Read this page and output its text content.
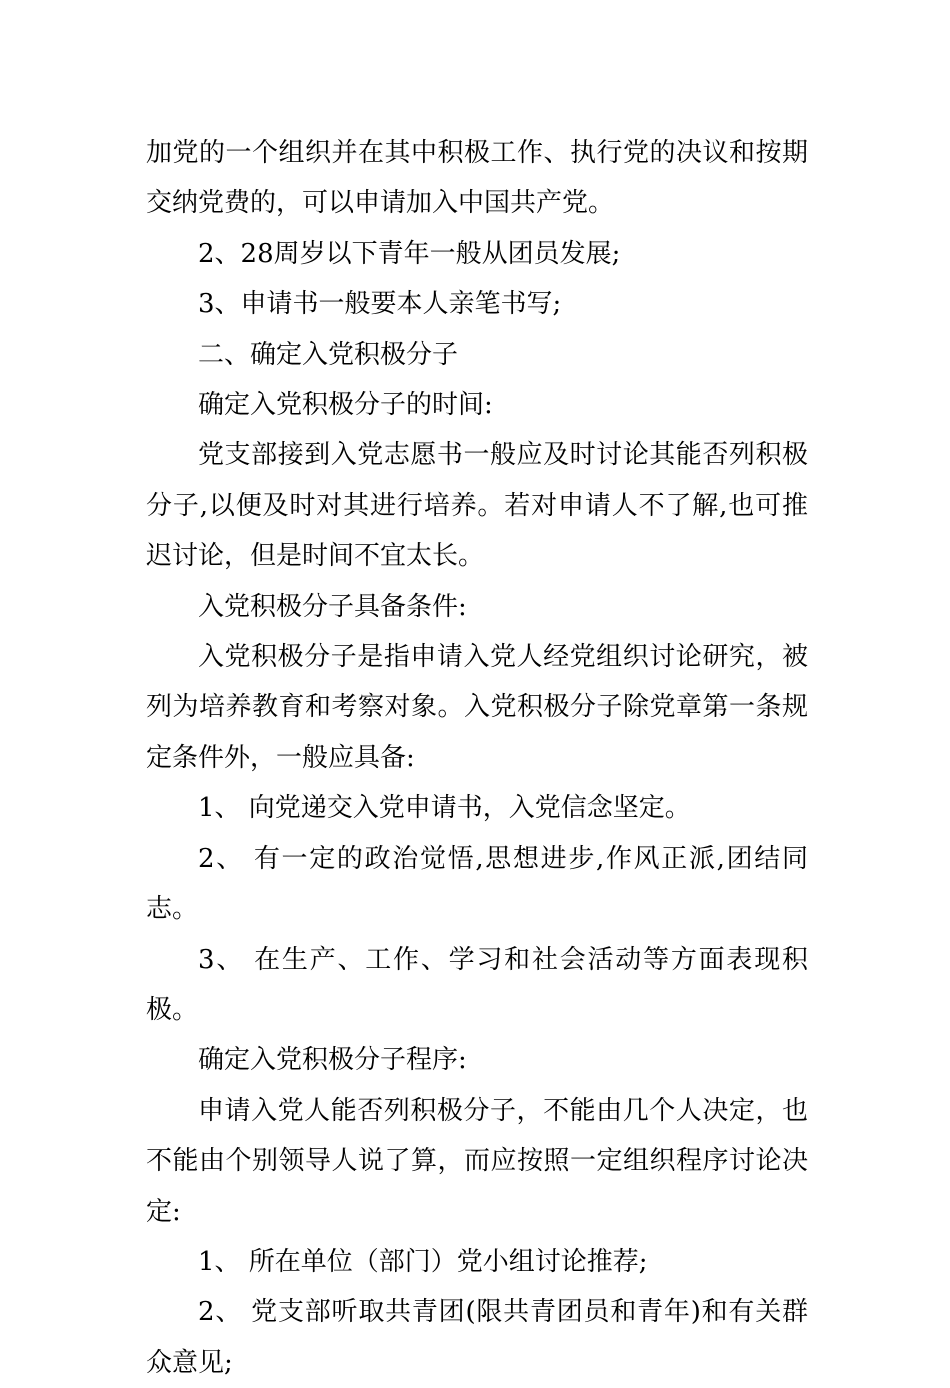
加党的一个组织并在其中积极工作、执行党的决议和按期交纳党费的，可以申请加入中国共产党。

2、28周岁以下青年一般从团员发展;

3、申请书一般要本人亲笔书写;

二、确定入党积极分子

确定入党积极分子的时间:

党支部接到入党志愿书一般应及时讨论其能否列积极分子,以便及时对其进行培养。若对申请人不了解,也可推迟讨论，但是时间不宜太长。

入党积极分子具备条件:

入党积极分子是指申请入党人经党组织讨论研究，被列为培养教育和考察对象。入党积极分子除党章第一条规定条件外，一般应具备:

1、 向党递交入党申请书，入党信念坚定。

2、 有一定的政治觉悟,思想进步,作风正派,团结同志。

3、 在生产、工作、学习和社会活动等方面表现积极。

确定入党积极分子程序:

申请入党人能否列积极分子，不能由几个人决定，也不能由个别领导人说了算，而应按照一定组织程序讨论决定:

1、 所在单位（部门）党小组讨论推荐;

2、 党支部听取共青团(限共青团员和青年)和有关群众意见;
